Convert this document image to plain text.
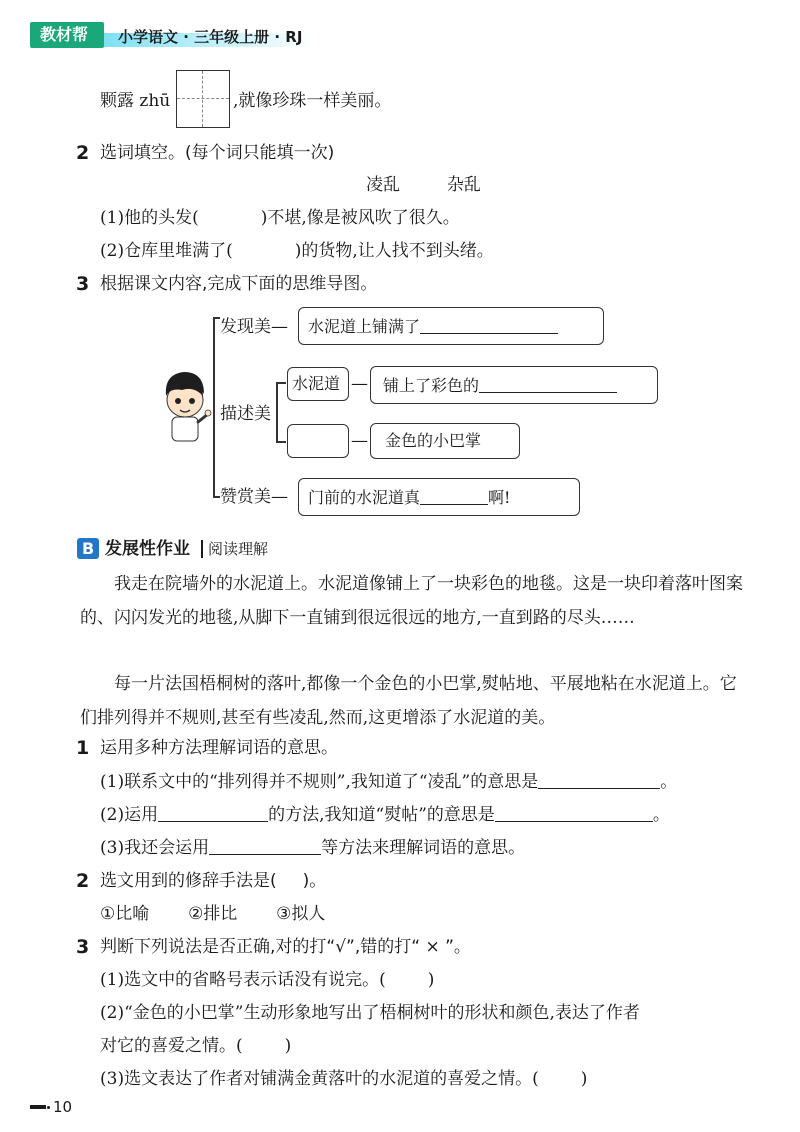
教材帮 小学语文 · 三年级上册 · RJ
颗露 zhū	,就像珍珠一样美丽。
2 选词填空。(每个词只能填一次)
凌乱	杂乱
(1)他的头发(	)不堪,像是被风吹了很久。
(2)仓库里堆满了(	)的货物,让人找不到头绪。
3 根据课文内容,完成下面的思维导图。
发现美— 水泥道上铺满了
描述美
水泥道 — 铺上了彩色的
— 金色的小巴掌
赞赏美— 门前的水泥道真	啊!
B 发展性作业 阅读理解
我走在院墙外的水泥道上。水泥道像铺上了一块彩色的地毯。这是一块印着落叶图案的、闪闪发光的地毯,从脚下一直铺到很远很远的地方,一直到路的尽头……
每一片法国梧桐树的落叶,都像一个金色的小巴掌,熨帖地、平展地粘在水泥道上。它们排列得并不规则,甚至有些凌乱,然而,这更增添了水泥道的美。
1 运用多种方法理解词语的意思。
(1)联系文中的“排列得并不规则”,我知道了“凌乱”的意思是	。
(2)运用	的方法,我知道“熨帖”的意思是	。
(3)我还会运用	等方法来理解词语的意思。
2 选文用到的修辞手法是( )。
①比喻 ②排比 ③拟人
3 判断下列说法是否正确,对的打“√”,错的打“ × ”。
(1)选文中的省略号表示话没有说完。( )
(2)“金色的小巴掌”生动形象地写出了梧桐树叶的形状和颜色,表达了作者
对它的喜爱之情。( )
(3)选文表达了作者对铺满金黄落叶的水泥道的喜爱之情。( )
10
